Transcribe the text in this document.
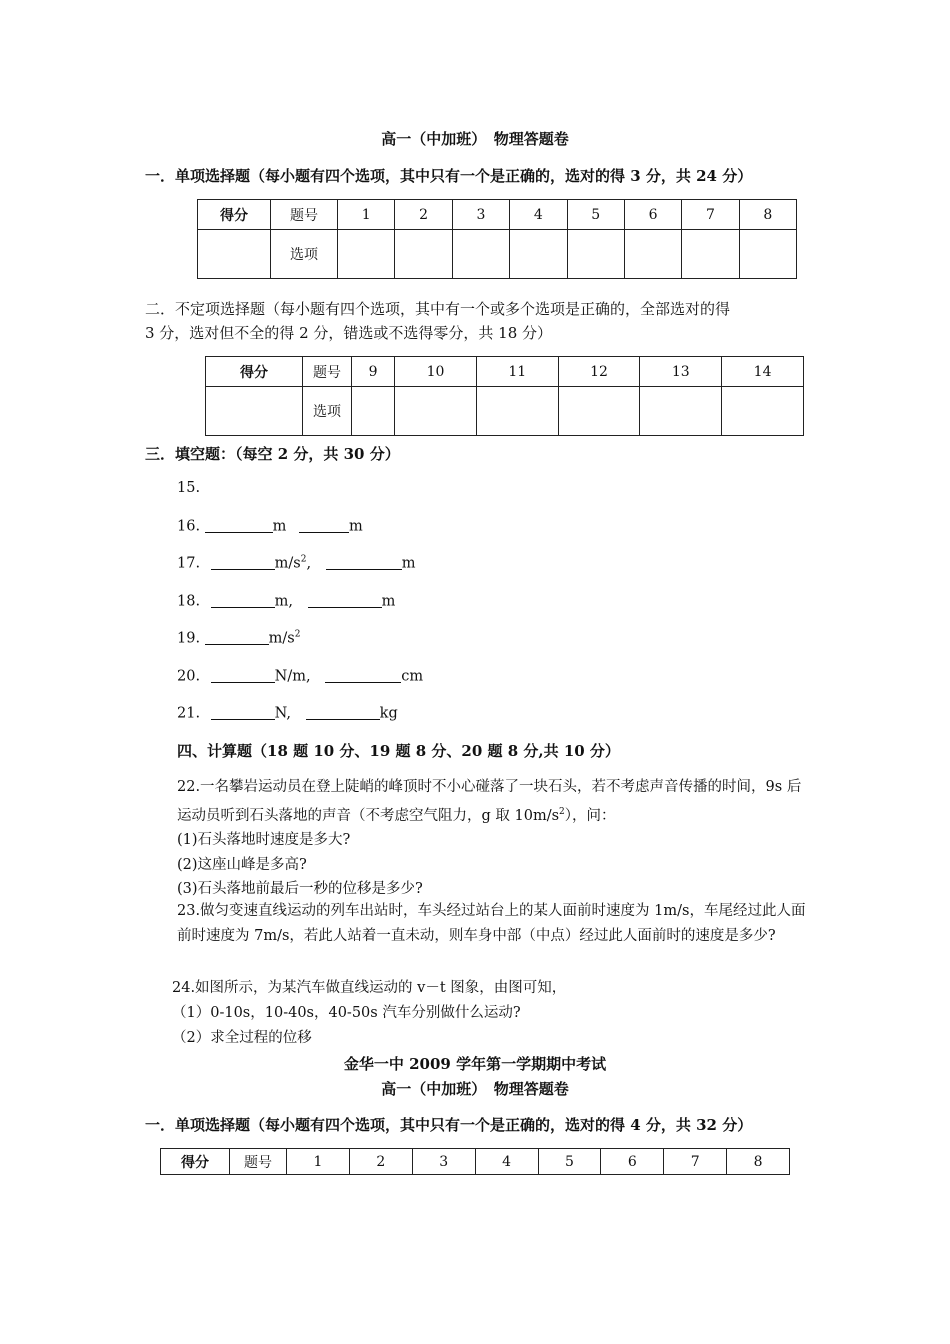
高一（中加班）　物理答题卷
一．单项选择题（每小题有四个选项，其中只有一个是正确的，选对的得 3 分，共 24 分）
得分	题号	1	2	3	4	5	6	7	8
	选项								
二．不定项选择题（每小题有四个选项，其中有一个或多个选项是正确的，全部选对的得
3 分，选对但不全的得 2 分，错选或不选得零分，共 18 分）
得分	题号	9	10	11	12	13	14
	选项						
三．填空题：（每空 2 分，共 30 分）
15.
16.	m	m
17.	$m/s^2$,	m
18.	m,	m
19.	$m/s^2$
20.	N/m,	cm
21.	N,	kg
四、计算题（18 题 10 分、19 题 8 分、20 题 8 分,共 10 分）
22.一名攀岩运动员在登上陡峭的峰顶时不小心碰落了一块石头，若不考虑声音传播的时间，9s 后运动员听到石头落地的声音（不考虑空气阻力，g 取 $10m/s^2$），问：
(1)石头落地时速度是多大?
(2)这座山峰是多高?
(3)石头落地前最后一秒的位移是多少?
23.做匀变速直线运动的列车出站时，车头经过站台上的某人面前时速度为 1m/s，车尾经过此人面前时速度为 7m/s，若此人站着一直未动，则车身中部（中点）经过此人面前时的速度是多少?
24.如图所示，为某汽车做直线运动的 v－t 图象，由图可知，
（1）0-10s，10-40s，40-50s 汽车分别做什么运动?
（2）求全过程的位移
金华一中 2009 学年第一学期期中考试
高一（中加班）　物理答题卷
一．单项选择题（每小题有四个选项，其中只有一个是正确的，选对的得 4 分，共 32 分）
得分	题号	1	2	3	4	5	6	7	8
